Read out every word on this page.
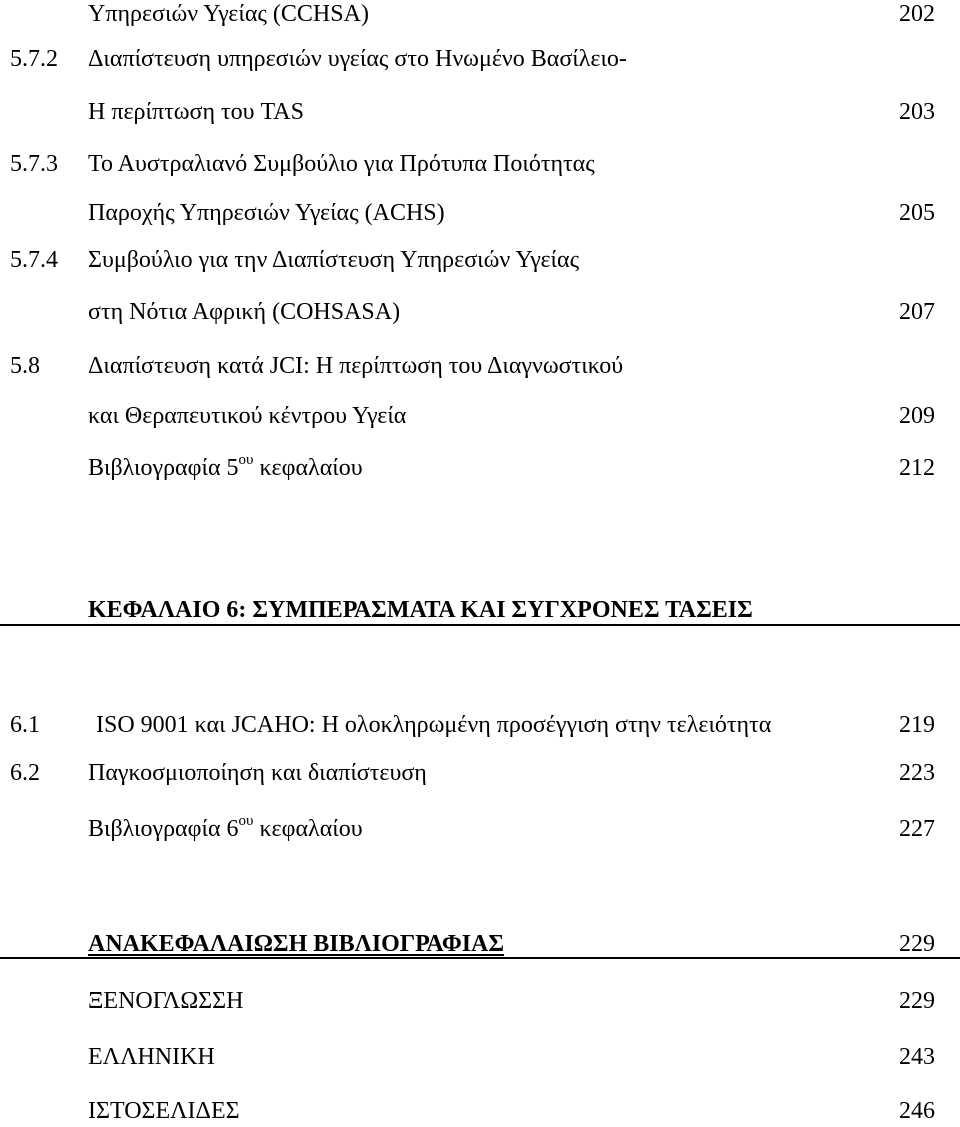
Υπηρεσιών Υγείας (CCHSA)	202
5.7.2 Διαπίστευση υπηρεσιών υγείας στο Ηνωμένο Βασίλειο-
Η περίπτωση του TAS	203
5.7.3 Το Αυστραλιανό Συμβούλιο για Πρότυπα Ποιότητας
Παροχής Υπηρεσιών Υγείας (ACHS)	205
5.7.4 Συμβούλιο για την Διαπίστευση Υπηρεσιών Υγείας
στη Νότια Αφρική (COHSASA)	207
5.8 Διαπίστευση κατά JCI: Η περίπτωση του Διαγνωστικού
και Θεραπευτικού κέντρου Υγεία	209
Βιβλιογραφία $5^{o\upsilon}$ κεφαλαίου	212
ΚΕΦΑΛΑΙΟ 6: ΣΥΜΠΕΡΑΣΜΑΤΑ ΚΑΙ ΣΥΓΧΡΟΝΕΣ ΤΑΣΕΙΣ
6.1 ISO 9001 και JCAHO: Η ολοκληρωμένη προσέγγιση στην τελειότητα	219
6.2 Παγκοσμιοποίηση και διαπίστευση	223
Βιβλιογραφία $6^{o\upsilon}$ κεφαλαίου	227
ΑΝΑΚΕΦΑΛΑΙΩΣΗ ΒΙΒΛΙΟΓΡΑΦΙΑΣ	229
ΞΕΝΟΓΛΩΣΣΗ	229
ΕΛΛΗΝΙΚΗ	243
ΙΣΤΟΣΕΛΙΔΕΣ	246
